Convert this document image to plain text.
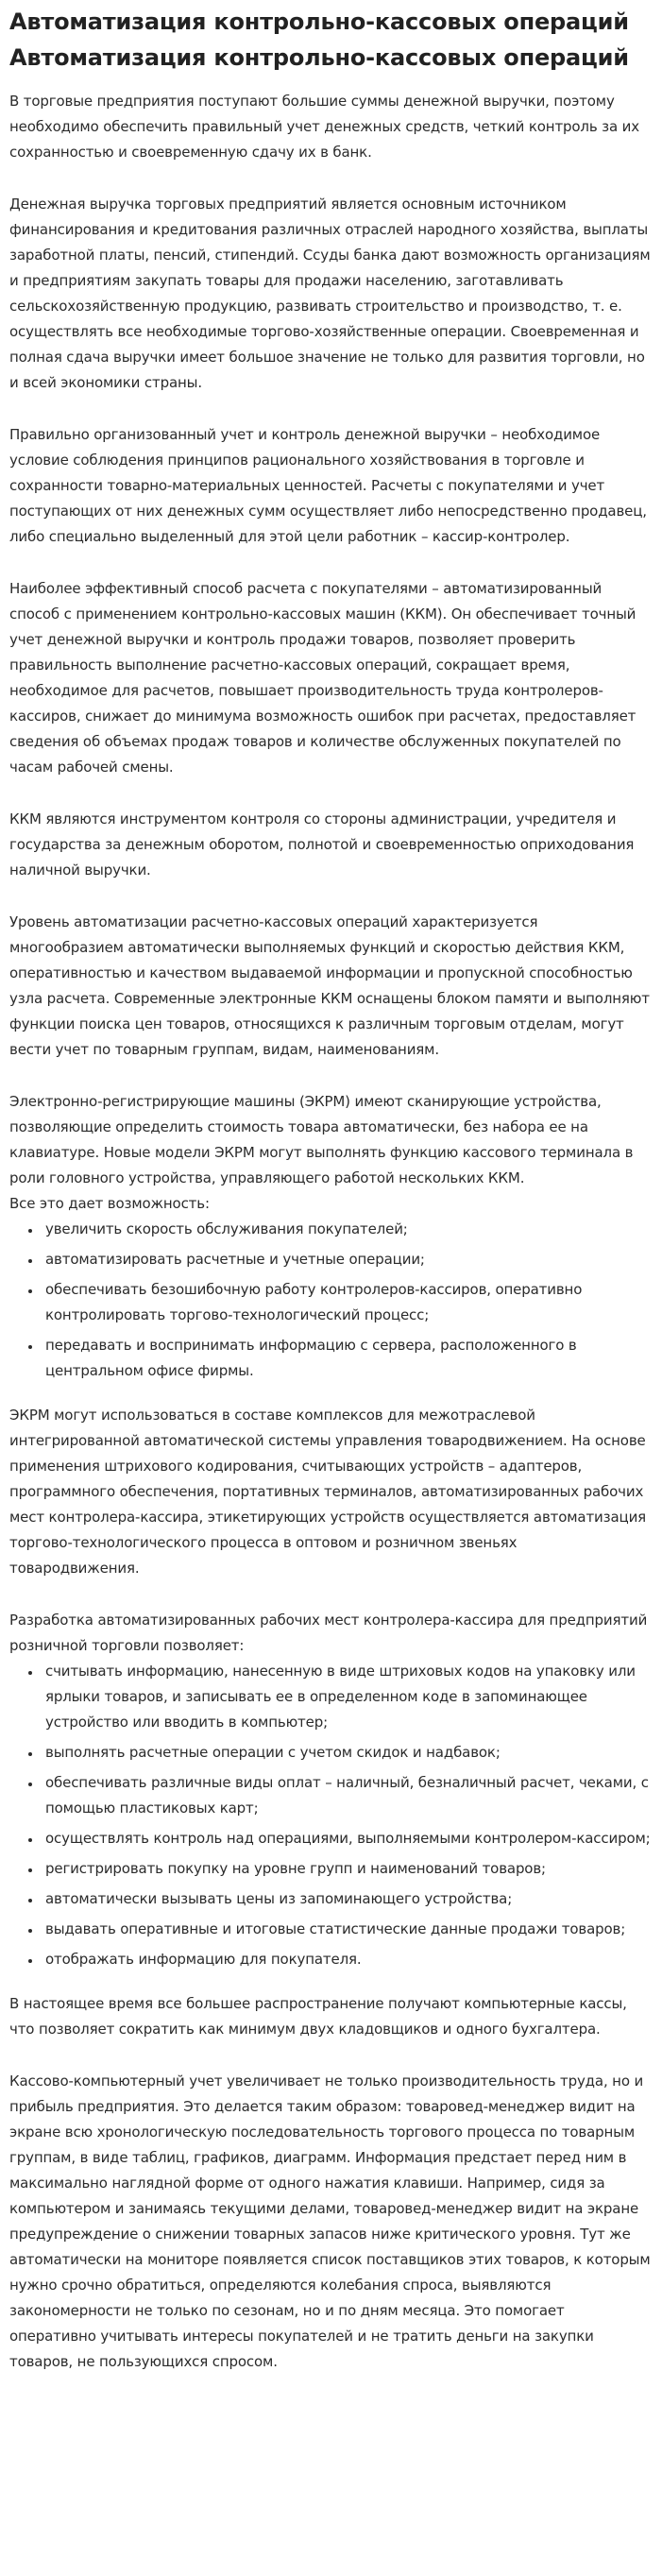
Автоматизация контрольно-кассовых операций
Автоматизация контрольно-кассовых операций

В торговые предприятия поступают большие суммы денежной выручки, поэтому необходимо обеспечить правильный учет денежных средств, четкий контроль за их сохранностью и своевременную сдачу их в банк.

Денежная выручка торговых предприятий является основным источником финансирования и кредитования различных отраслей народного хозяйства, выплаты заработной платы, пенсий, стипендий. Ссуды банка дают возможность организациям и предприятиям закупать товары для продажи населению, заготавливать сельскохозяйственную продукцию, развивать строительство и производство, т. е. осуществлять все необходимые торгово-хозяйственные операции. Своевременная и полная сдача выручки имеет большое значение не только для развития торговли, но и всей экономики страны.

Правильно организованный учет и контроль денежной выручки – необходимое условие соблюдения принципов рационального хозяйствования в торговле и сохранности товарно-материальных ценностей. Расчеты с покупателями и учет поступающих от них денежных сумм осуществляет либо непосредственно продавец, либо специально выделенный для этой цели работник – кассир-контролер.

Наиболее эффективный способ расчета с покупателями – автоматизированный способ с применением контрольно-кассовых машин (ККМ). Он обеспечивает точный учет денежной выручки и контроль продажи товаров, позволяет проверить правильность выполнение расчетно-кассовых операций, сокращает время, необходимое для расчетов, повышает производительность труда контролеров-кассиров, снижает до минимума возможность ошибок при расчетах, предоставляет сведения об объемах продаж товаров и количестве обслуженных покупателей по часам рабочей смены.

ККМ являются инструментом контроля со стороны администрации, учредителя и государства за денежным оборотом, полнотой и своевременностью оприходования наличной выручки.

Уровень автоматизации расчетно-кассовых операций характеризуется многообразием автоматически выполняемых функций и скоростью действия ККМ, оперативностью и качеством выдаваемой информации и пропускной способностью узла расчета. Современные электронные ККМ оснащены блоком памяти и выполняют функции поиска цен товаров, относящихся к различным торговым отделам, могут вести учет по товарным группам, видам, наименованиям.

Электронно-регистрирующие машины (ЭКРМ) имеют сканирующие устройства, позволяющие определить стоимость товара автоматически, без набора ее на клавиатуре. Новые модели ЭКРМ могут выполнять функцию кассового терминала в роли головного устройства, управляющего работой нескольких ККМ.

Все это дает возможность:

• увеличить скорость обслуживания покупателей;
• автоматизировать расчетные и учетные операции;
• обеспечивать безошибочную работу контролеров-кассиров, оперативно контролировать торгово-технологический процесс;
• передавать и воспринимать информацию с сервера, расположенного в центральном офисе фирмы.

ЭКРМ могут использоваться в составе комплексов для межотраслевой интегрированной автоматической системы управления товародвижением. На основе применения штрихового кодирования, считывающих устройств – адаптеров, программного обеспечения, портативных терминалов, автоматизированных рабочих мест контролера-кассира, этикетирующих устройств осуществляется автоматизация торгово-технологического процесса в оптовом и розничном звеньях товародвижения.

Разработка автоматизированных рабочих мест контролера-кассира для предприятий розничной торговли позволяет:

• считывать информацию, нанесенную в виде штриховых кодов на упаковку или ярлыки товаров, и записывать ее в определенном коде в запоминающее устройство или вводить в компьютер;
• выполнять расчетные операции с учетом скидок и надбавок;
• обеспечивать различные виды оплат – наличный, безналичный расчет, чеками, с помощью пластиковых карт;
• осуществлять контроль над операциями, выполняемыми контролером-кассиром;
• регистрировать покупку на уровне групп и наименований товаров;
• автоматически вызывать цены из запоминающего устройства;
• выдавать оперативные и итоговые статистические данные продажи товаров;
• отображать информацию для покупателя.

В настоящее время все большее распространение получают компьютерные кассы, что позволяет сократить как минимум двух кладовщиков и одного бухгалтера.

Кассово-компьютерный учет увеличивает не только производительность труда, но и прибыль предприятия. Это делается таким образом: товаровед-менеджер видит на экране всю хронологическую последовательность торгового процесса по товарным группам, в виде таблиц, графиков, диаграмм. Информация предстает перед ним в максимально наглядной форме от одного нажатия клавиши. Например, сидя за компьютером и занимаясь текущими делами, товаровед-менеджер видит на экране предупреждение о снижении товарных запасов ниже критического уровня. Тут же автоматически на мониторе появляется список поставщиков этих товаров, к которым нужно срочно обратиться, определяются колебания спроса, выявляются закономерности не только по сезонам, но и по дням месяца. Это помогает оперативно учитывать интересы покупателей и не тратить деньги на закупки товаров, не пользующихся спросом.
